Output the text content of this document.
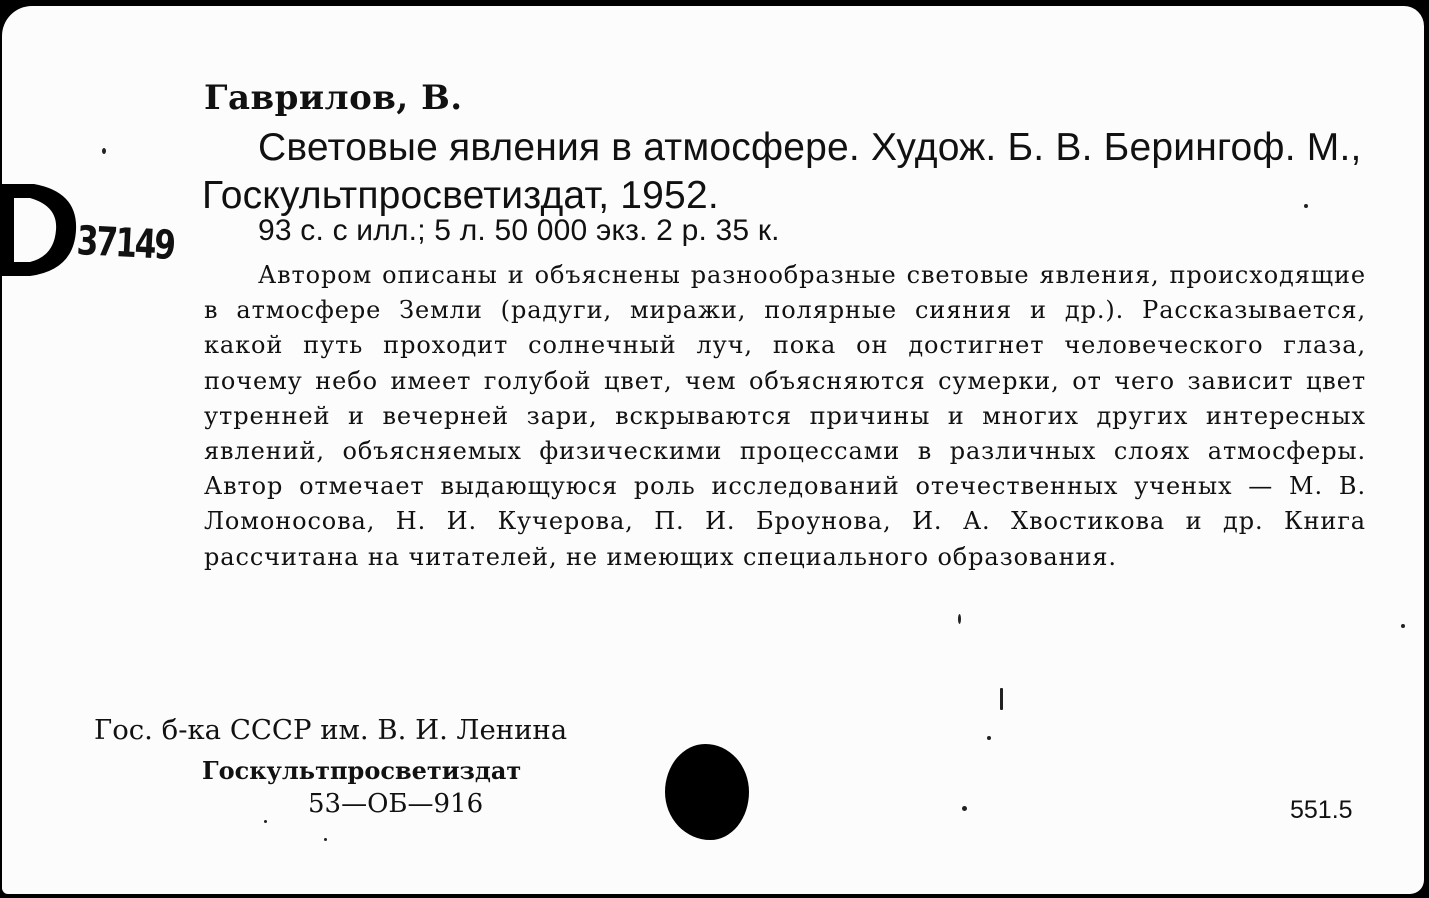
37149
Гаврилов, В.
Световые явления в атмосфере. Худож. Б. В. Берингоф. М., Госкультпросветиздат, 1952.
93 с. с илл.; 5 л. 50 000 экз. 2 р. 35 к.
Автором описаны и объяснены разнообразные световые явления, происходящие в атмосфере Земли (радуги, миражи, полярные сияния и др.). Рассказывается, какой путь проходит солнечный луч, пока он достигнет человеческого глаза, почему небо имеет голубой цвет, чем объясняются сумерки, от чего зависит цвет утренней и вечерней зари, вскрываются причины и многих других интересных явлений, объясняемых физическими процессами в различных слоях атмосферы. Автор отмечает выдающуюся роль исследований отечественных ученых — М. В. Ломоносова, Н. И. Кучерова, П. И. Броунова, И. А. Хвостикова и др. Книга рассчитана на читателей, не имеющих специального образования.
Гос. б-ка СССР им. В. И. Ленина
Госкультпросветиздат
53—ОБ—916	551.5
